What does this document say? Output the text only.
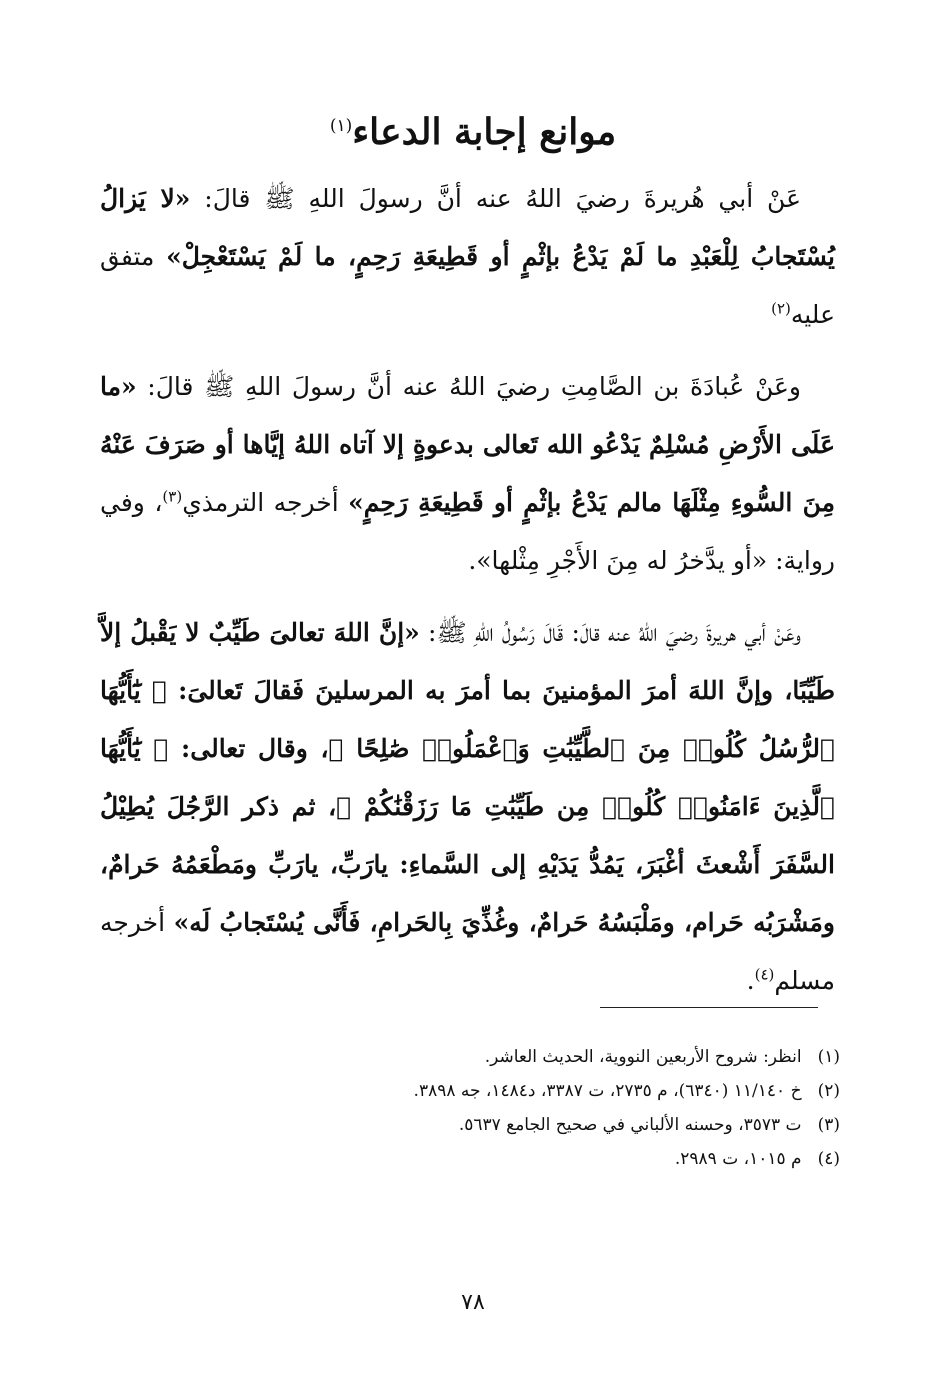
موانع إجابة الدعاء$^{(١)}$

عَنْ أبي هُريرةَ رضيَ اللهُ عنه أنَّ رسولَ اللهِ ﷺ قالَ: «لا يَزالُ يُسْتَجابُ لِلْعَبْدِ ما لَمْ يَدْعُ بإثْمٍ أو قَطِيعَةِ رَحِمٍ، ما لَمْ يَسْتَعْجِلْ» متفق عليه$^{(٢)}$

وعَنْ عُبادَةَ بن الصَّامِتِ رضيَ اللهُ عنه أنَّ رسولَ اللهِ ﷺ قالَ: «ما عَلَى الأَرْضِ مُسْلِمٌ يَدْعُو الله تَعالى بدعوةٍ إلا آتاه اللهُ إيَّاها أو صَرَفَ عَنْهُ مِنَ السُّوءِ مِثْلَهَا مالم يَدْعُ بإثْمٍ أو قَطِيعَةِ رَحِمٍ» أخرجه الترمذي$^{(٣)}$، وفي رواية: «أو يدَّخرُ له مِنَ الأَجْرِ مِثْلها».

وعَنْ أبي هريرةَ رضيَ اللهُ عنه قالَ: قَالَ رَسُولُ اللهِ ﷺ: «إنَّ اللهَ تعالىَ طَيِّبٌ لا يَقْبلُ إلاَّ طَيِّبًا، وإنَّ اللهَ أمرَ المؤمنينَ بما أمرَ به المرسلينَ فَقالَ تَعالىَ: ﴿ يَٰٓأَيُّهَا ٱلرُّسُلُ كُلُوا۟ مِنَ ٱلطَّيِّبَٰتِ وَٱعْمَلُوا۟ صَٰلِحًا ﴾، وقال تعالى: ﴿ يَٰٓأَيُّهَا ٱلَّذِينَ ءَامَنُوا۟ كُلُوا۟ مِن طَيِّبَٰتِ مَا رَزَقْنَٰكُمْ ﴾، ثم ذكر الرَّجُلَ يُطِيْلُ السَّفَرَ أَشْعثَ أغْبَرَ، يَمُدُّ يَدَيْهِ إلى السَّماءِ: يارَبِّ، يارَبِّ ومَطْعَمُهُ حَرامٌ، ومَشْرَبُه حَرام، ومَلْبَسُهُ حَرامٌ، وغُذِّيَ بِالحَرامِ، فَأَنَّى يُسْتَجابُ لَه» أخرجه مسلم$^{(٤)}$.

(١)
انظر: شروح الأربعين النووية، الحديث العاشر.
(٢)
خ ١١/١٤٠ (٦٣٤٠)، م ٢٧٣٥، ت ٣٣٨٧، د١٤٨٤، جه ٣٨٩٨.
(٣)
ت ٣٥٧٣، وحسنه الألباني في صحيح الجامع ٥٦٣٧.
(٤)
م ١٠١٥، ت ٢٩٨٩.
٧٨
